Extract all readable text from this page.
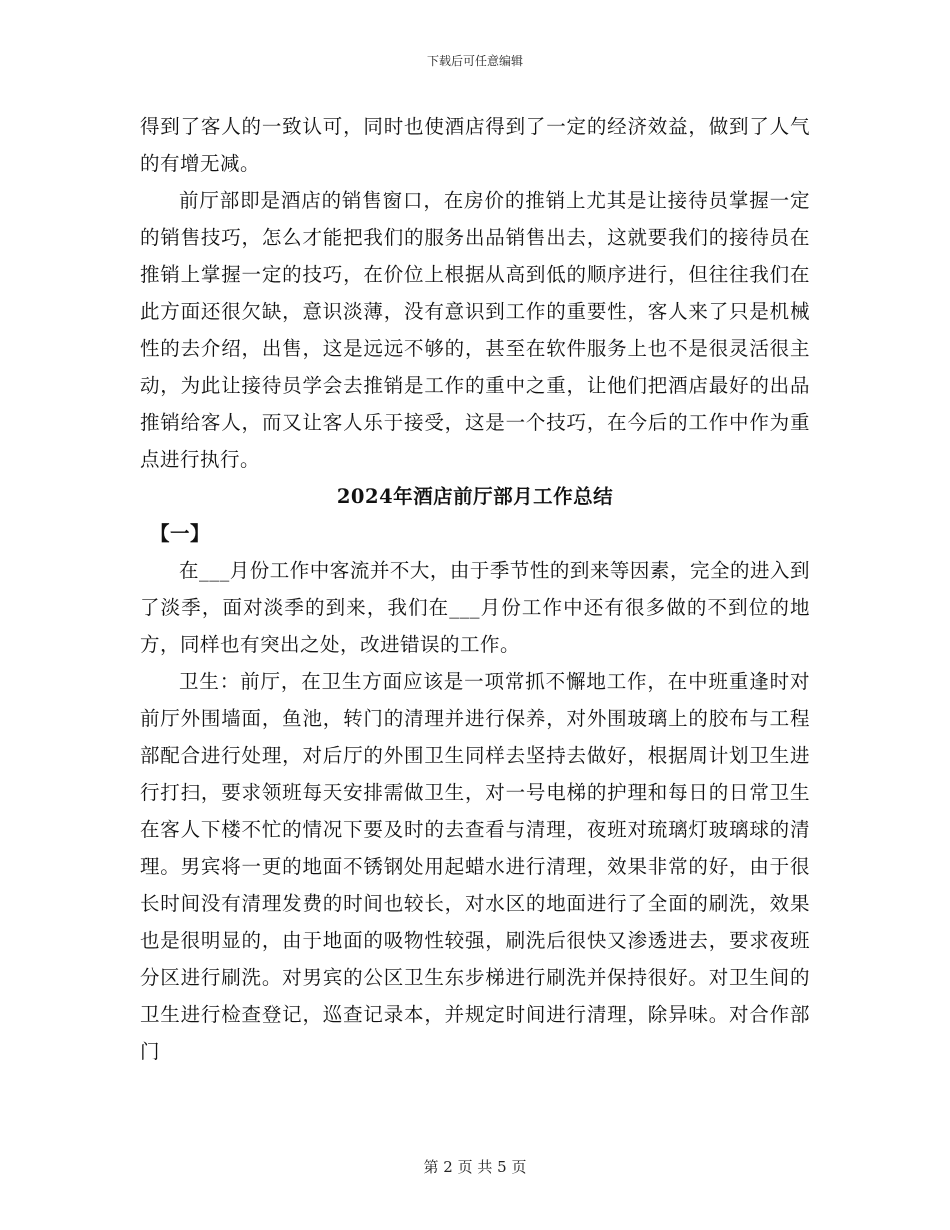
下载后可任意编辑

得到了客人的一致认可，同时也使酒店得到了一定的经济效益，做到了人气的有增无减。

前厅部即是酒店的销售窗口，在房价的推销上尤其是让接待员掌握一定的销售技巧，怎么才能把我们的服务出品销售出去，这就要我们的接待员在推销上掌握一定的技巧，在价位上根据从高到低的顺序进行，但往往我们在此方面还很欠缺，意识淡薄，没有意识到工作的重要性，客人来了只是机械性的去介绍，出售，这是远远不够的，甚至在软件服务上也不是很灵活很主动，为此让接待员学会去推销是工作的重中之重，让他们把酒店最好的出品推销给客人，而又让客人乐于接受，这是一个技巧，在今后的工作中作为重点进行执行。

2024年酒店前厅部月工作总结

【一】

在___月份工作中客流并不大，由于季节性的到来等因素，完全的进入到了淡季，面对淡季的到来，我们在___月份工作中还有很多做的不到位的地方，同样也有突出之处，改进错误的工作。

卫生：前厅，在卫生方面应该是一项常抓不懈地工作，在中班重逢时对前厅外围墙面，鱼池，转门的清理并进行保养，对外围玻璃上的胶布与工程部配合进行处理，对后厅的外围卫生同样去坚持去做好，根据周计划卫生进行打扫，要求领班每天安排需做卫生，对一号电梯的护理和每日的日常卫生在客人下楼不忙的情况下要及时的去查看与清理，夜班对琉璃灯玻璃球的清理。男宾将一更的地面不锈钢处用起蜡水进行清理，效果非常的好，由于很长时间没有清理发费的时间也较长，对水区的地面进行了全面的刷洗，效果也是很明显的，由于地面的吸物性较强，刷洗后很快又渗透进去，要求夜班分区进行刷洗。对男宾的公区卫生东步梯进行刷洗并保持很好。对卫生间的卫生进行检查登记，巡查记录本，并规定时间进行清理，除异味。对合作部门

第 2 页 共 5 页
